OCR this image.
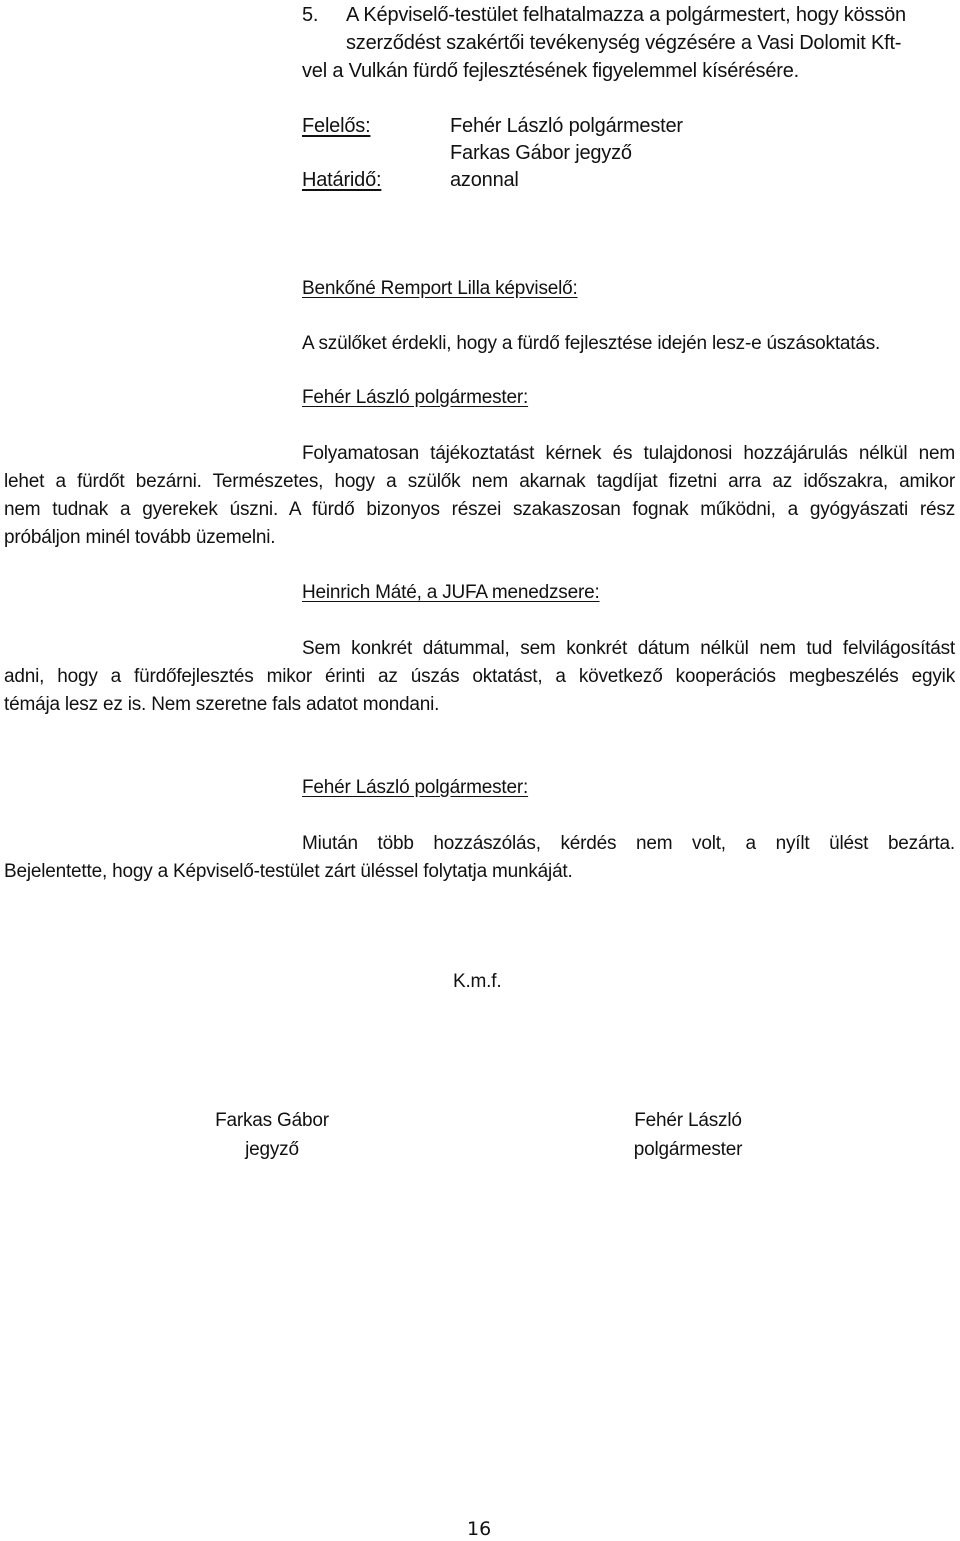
5. A Képviselő-testület felhatalmazza a polgármestert, hogy kössön
szerződést szakértői tevékenység végzésére a Vasi Dolomit Kft-
vel a Vulkán fürdő fejlesztésének figyelemmel kísérésére.
Felelős:	Fehér László polgármester
Farkas Gábor jegyző
Határidő:	azonnal
Benkőné Remport Lilla képviselő:
A szülőket érdekli, hogy a fürdő fejlesztése idején lesz-e úszásoktatás.
Fehér László polgármester:
Folyamatosan tájékoztatást kérnek és tulajdonosi hozzájárulás nélkül nem
lehet a fürdőt bezárni. Természetes, hogy a szülők nem akarnak tagdíjat fizetni arra az időszakra, amikor
nem tudnak a gyerekek úszni. A fürdő bizonyos részei szakaszosan fognak működni, a gyógyászati rész
próbáljon minél tovább üzemelni.
Heinrich Máté, a JUFA menedzsere:
Sem konkrét dátummal, sem konkrét dátum nélkül nem tud felvilágosítást
adni, hogy a fürdőfejlesztés mikor érinti az úszás oktatást, a következő kooperációs megbeszélés egyik
témája lesz ez is. Nem szeretne fals adatot mondani.
Fehér László polgármester:
Miután több hozzászólás, kérdés nem volt, a nyílt ülést bezárta.
Bejelentette, hogy a Képviselő-testület zárt üléssel folytatja munkáját.
K.m.f.
Farkas Gábor
jegyző
Fehér László
polgármester
16
